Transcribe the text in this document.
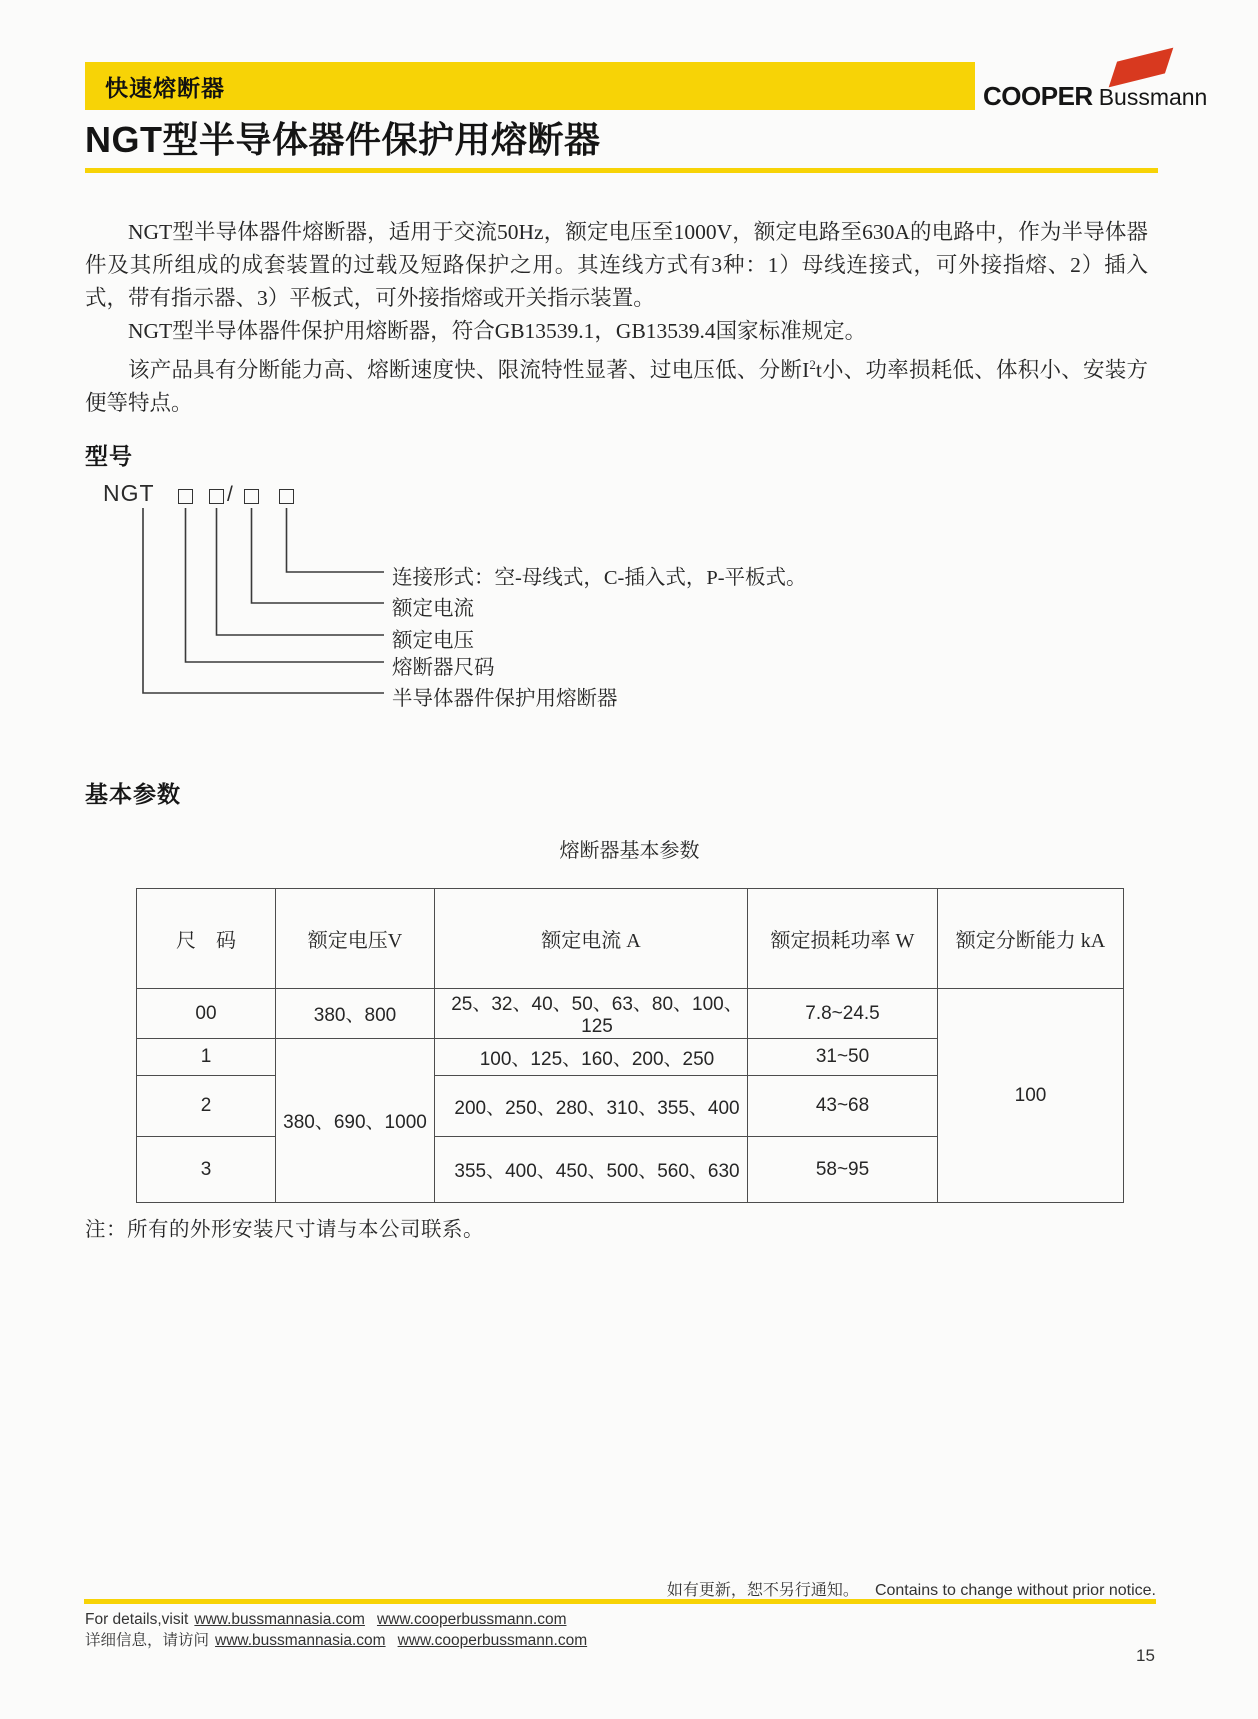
快速熔断器	COOPER Bussmann
NGT型半导体器件保护用熔断器

NGT型半导体器件熔断器，适用于交流50Hz，额定电压至1000V，额定电路至630A的电路中，作为半导体器件及其所组成的成套装置的过载及短路保护之用。其连线方式有3种：1）母线连接式，可外接指熔、2）插入式，带有指示器、3）平板式，可外接指熔或开关指示装置。

NGT型半导体器件保护用熔断器，符合GB13539.1，GB13539.4国家标准规定。

该产品具有分断能力高、熔断速度快、限流特性显著、过电压低、分断$I^2t$小、功率损耗低、体积小、安装方便等特点。

型号
NGT	/
连接形式：空-母线式，C-插入式，P-平板式。
额定电流
额定电压
熔断器尺码
半导体器件保护用熔断器
基本参数
熔断器基本参数
尺　码	额定电压V	额定电流 A	额定损耗功率 W	额定分断能力 kA
00	380、800	25、32、40、50、63、80、100、125	7.8~24.5	100
1	380、690、1000	100、125、160、200、250	31~50	
2		200、250、280、310、355、400	43~68	
3		355、400、450、500、560、630	58~95	
注：所有的外形安装尺寸请与本公司联系。
如有更新，恕不另行通知。 Contains to change without prior notice.
For details,visit www.bussmannasia.com www.cooperbussmann.com
详细信息，请访问 www.bussmannasia.com www.cooperbussmann.com
15
